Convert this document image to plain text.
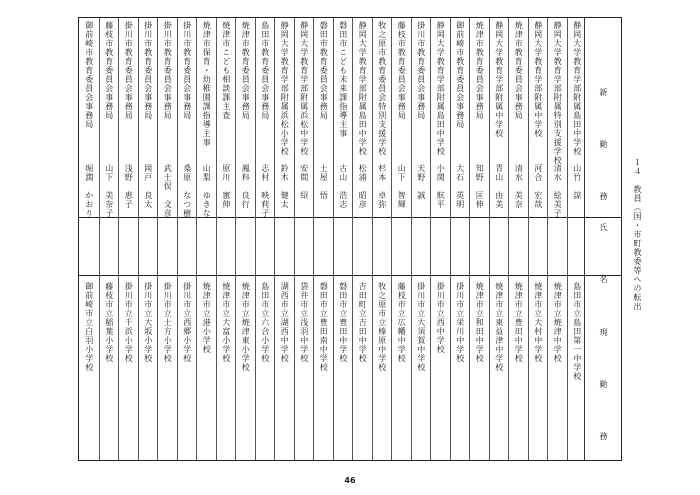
静岡大学教育学部附属島田中学校
山竹　諒
島田市立島田第一中学校
静岡大学教育学部附属特別支援学校
清水　絵美子
焼津市立焼津中学校
静岡大学教育学部附属中学校
河合　宏哉
焼津市立大村中学校
焼津市教育委員会事務局
清水　美奈
焼津市立豊田中学校
静岡大学教育学部附属中学校
青山　由美
焼津市立東益津中学校
焼津市教育委員会事務局
知野　匡伸
焼津市立和田中学校
御前崎市教育委員会事務局
大石　英明
掛川市立栄川中学校
静岡大学教育学部附属島田中学校
小関　航平
掛川市立西中学校
掛川市教育委員会事務局
天野　誠
掛川市立大須賀中学校
藤枝市教育委員会事務局
山下　智輝
藤枝市立広幡中学校
牧之原市教育委員会特別支援学校
杉本　卓弥
牧之原市立榛原中学校
静岡大学教育学部附属島田中学校
松浦　昭彦
吉田町立吉田中学校
磐田市こども未来課指導主事
古山　浩志
磐田市立豊田中学校
磐田市教育委員会事務局
土屋　悟
磐田市立豊田南中学校
静岡大学教育学部附属浜松中学校
安間　紹
袋井市立浅羽中学校
静岡大学教育学部附属浜松小学校
鈴木　健太
湖西市立湖西中学校
島田市教育委員会事務局
志村　映莉子
島田市立六合小学校
焼津市教育委員会事務局
鳳科　良行
焼津市立焼津東小学校
焼津市こども相談課主査
原川　憲伸
焼津市立大富小学校
焼津市保育・幼稚園課指導主事
山梨　ゆきな
焼津市立港小学校
掛川市教育委員会事務局
桑原　なつ樹
掛川市立西郷小学校
掛川市教育委員会事務局
武士俣　文彦
掛川市立土方小学校
掛川市教育委員会事務局
岡戸　良太
掛川市立大坂小学校
掛川市教育委員会事務局
浅野　恵子
掛川市立千浜小学校
藤枝市教育委員会事務局
山下　美奈子
藤枝市立稲葉小学校
御前崎市教育委員会事務局
堀澗　かおり
御前崎市立白羽小学校
新　勤　務
氏　名
現　勤　務
１４　教員（国・市町教委等への転出
46
